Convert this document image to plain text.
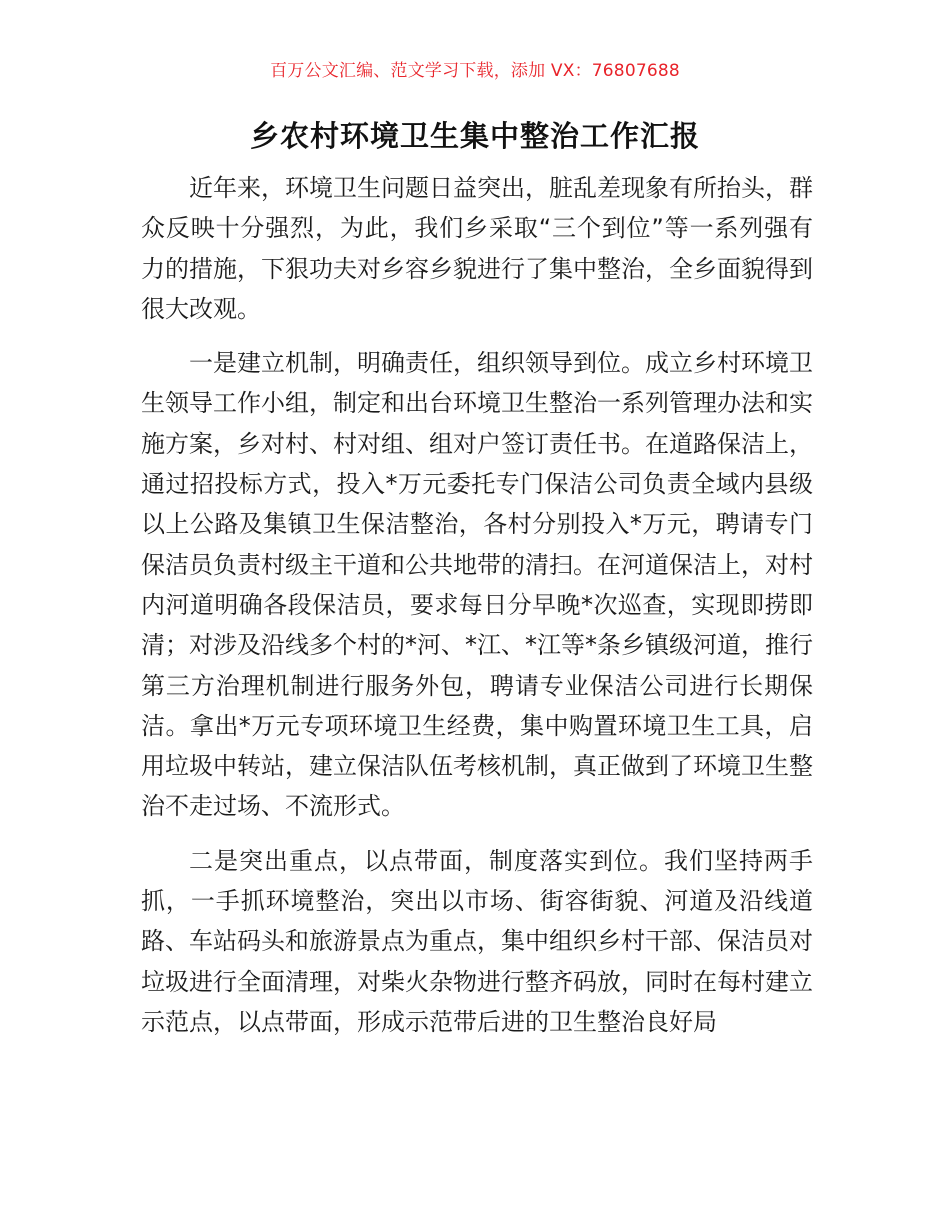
百万公文汇编、范文学习下载，添加 VX：76807688
乡农村环境卫生集中整治工作汇报

近年来，环境卫生问题日益突出，脏乱差现象有所抬头，群众反映十分强烈，为此，我们乡采取“三个到位”等一系列强有力的措施，下狠功夫对乡容乡貌进行了集中整治，全乡面貌得到很大改观。

一是建立机制，明确责任，组织领导到位。成立乡村环境卫生领导工作小组，制定和出台环境卫生整治一系列管理办法和实施方案，乡对村、村对组、组对户签订责任书。在道路保洁上，通过招投标方式，投入*万元委托专门保洁公司负责全域内县级以上公路及集镇卫生保洁整治，各村分别投入*万元，聘请专门保洁员负责村级主干道和公共地带的清扫。在河道保洁上，对村内河道明确各段保洁员，要求每日分早晚*次巡查，实现即捞即清；对涉及沿线多个村的*河、*江、*江等*条乡镇级河道，推行第三方治理机制进行服务外包，聘请专业保洁公司进行长期保洁。拿出*万元专项环境卫生经费，集中购置环境卫生工具，启用垃圾中转站，建立保洁队伍考核机制，真正做到了环境卫生整治不走过场、不流形式。

二是突出重点，以点带面，制度落实到位。我们坚持两手抓，一手抓环境整治，突出以市场、街容街貌、河道及沿线道路、车站码头和旅游景点为重点，集中组织乡村干部、保洁员对垃圾进行全面清理，对柴火杂物进行整齐码放，同时在每村建立示范点，以点带面，形成示范带后进的卫生整治良好局
